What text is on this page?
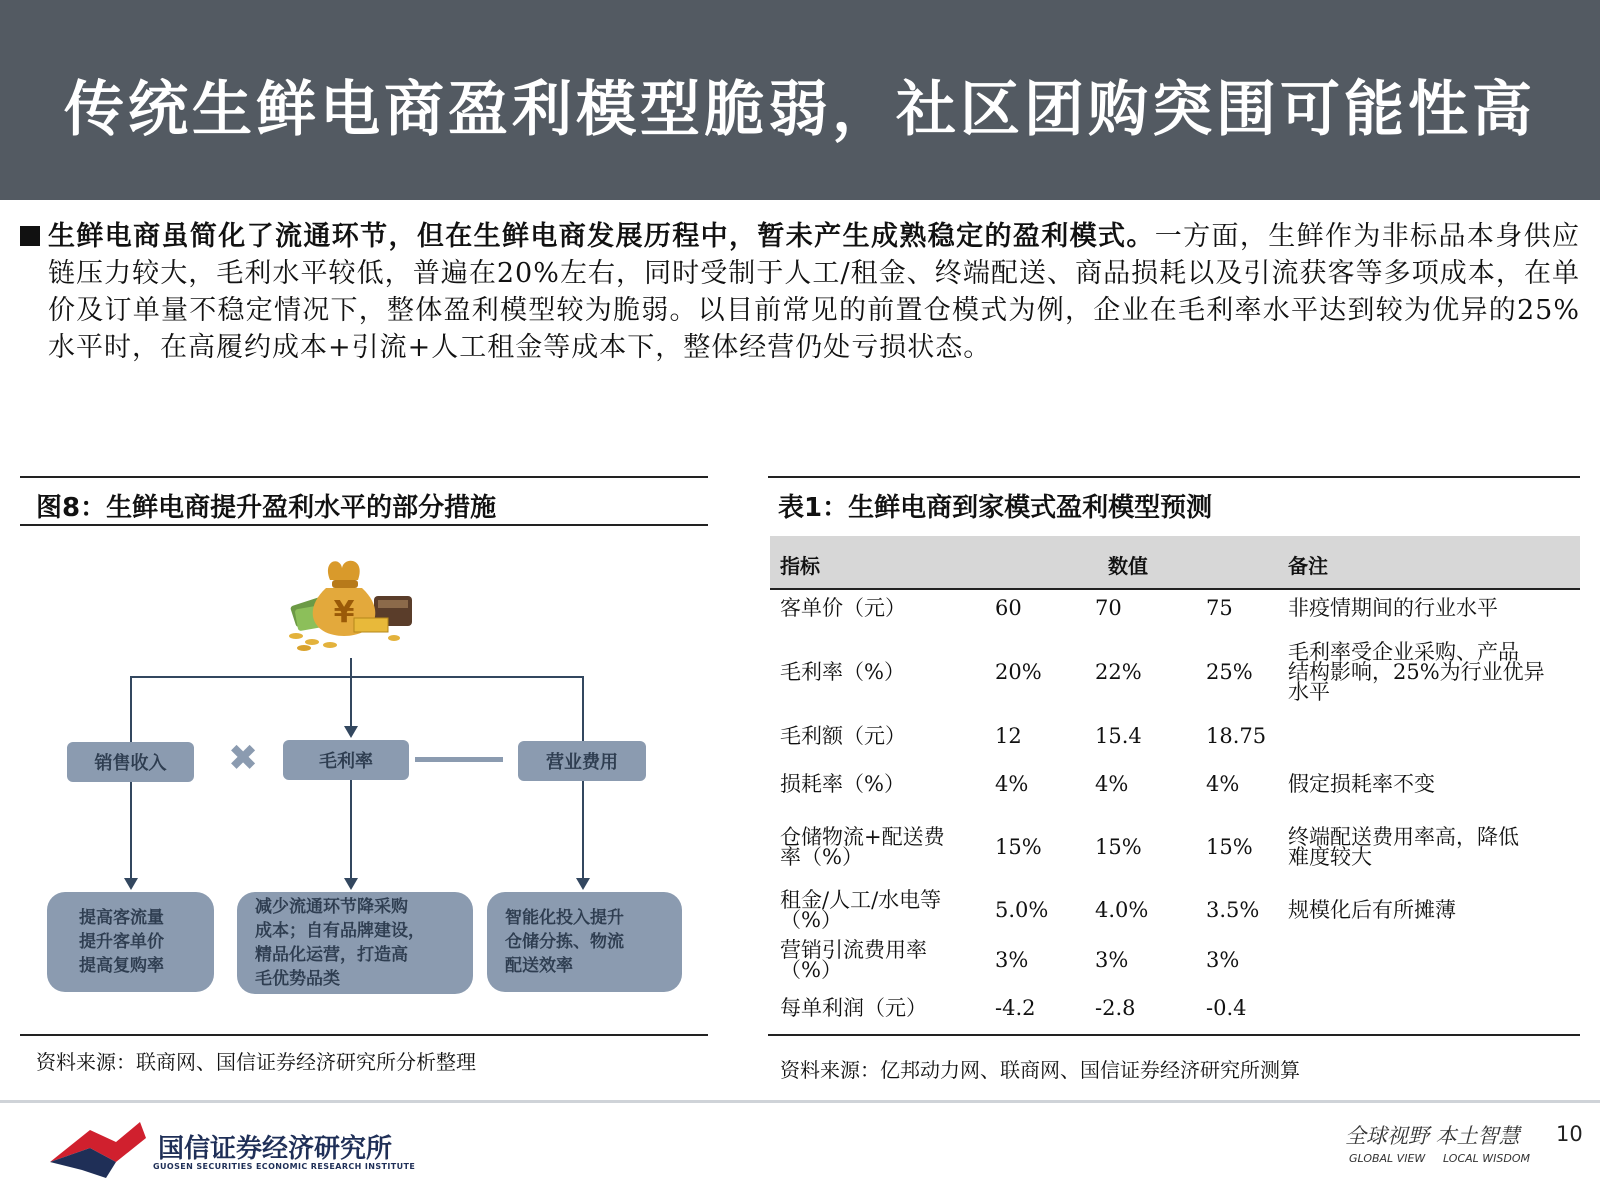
传统生鲜电商盈利模型脆弱，社区团购突围可能性高
生鲜电商虽简化了流通环节，但在生鲜电商发展历程中，暂未产生成熟稳定的盈利模式。一方面，生鲜作为非标品本身供应链压力较大，毛利水平较低，普遍在20%左右，同时受制于人工/租金、终端配送、商品损耗以及引流获客等多项成本，在单价及订单量不稳定情况下，整体盈利模型较为脆弱。以目前常见的前置仓模式为例，企业在毛利率水平达到较为优异的25%水平时，在高履约成本+引流+人工租金等成本下，整体经营仍处亏损状态。
图8：生鲜电商提升盈利水平的部分措施
¥
销售收入	✖	毛利率	营业费用
提高客流量
提升客单价
提高复购率
减少流通环节降采购
成本；自有品牌建设，
精品化运营，打造高
毛优势品类
智能化投入提升
仓储分拣、物流
配送效率
资料来源：联商网、国信证券经济研究所分析整理
表1：生鲜电商到家模式盈利模型预测
指标	数值	备注
客单价（元）	60	70	75	非疫情期间的行业水平
毛利率（%）	20%	22%	25%
毛利率受企业采购、产品
结构影响，25%为行业优异
水平
毛利额（元）	12	15.4	18.75
损耗率（%）	4%	4%	4% 假定损耗率不变
仓储物流+配送费
率（%）	15%	15%	15% 终端配送费用率高，降低
难度较大
租金/人工/水电等
（%）	5.0% 4.0%	3.5% 规模化后有所摊薄
营销引流费用率
（%）	3%	3%	3%
每单利润（元）	-4.2	-2.8	-0.4
资料来源：亿邦动力网、联商网、国信证券经济研究所测算
国信证券经济研究所
GUOSEN SECURITIES ECONOMIC RESEARCH INSTITUTE
全球视野 本土智慧
GLOBAL VIEW LOCAL WISDOM
10
